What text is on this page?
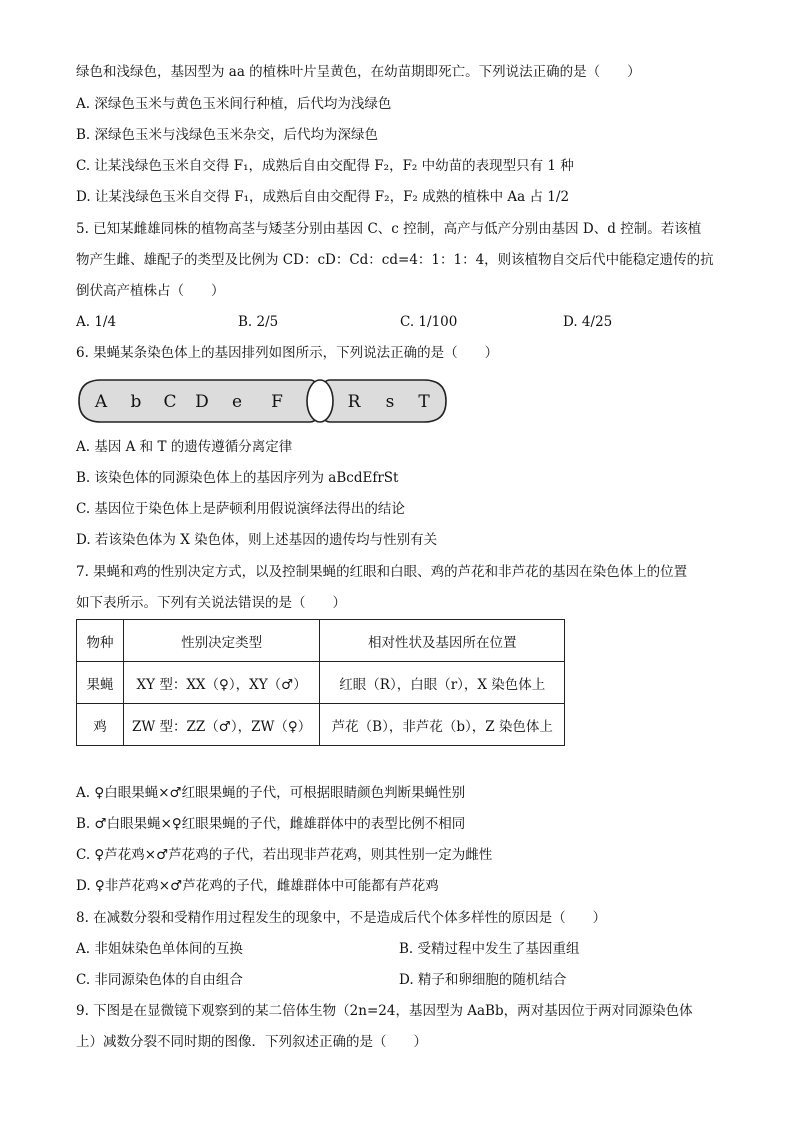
绿色和浅绿色，基因型为 aa 的植株叶片呈黄色，在幼苗期即死亡。下列说法正确的是（　　）
A. 深绿色玉米与黄色玉米间行种植，后代均为浅绿色
B. 深绿色玉米与浅绿色玉米杂交，后代均为深绿色
C. 让某浅绿色玉米自交得 F₁，成熟后自由交配得 F₂，F₂ 中幼苗的表现型只有 1 种
D. 让某浅绿色玉米自交得 F₁，成熟后自由交配得 F₂，F₂ 成熟的植株中 Aa 占 1/2
5. 已知某雌雄同株的植物高茎与矮茎分别由基因 C、c 控制，高产与低产分别由基因 D、d 控制。若该植
物产生雌、雄配子的类型及比例为 CD：cD：Cd：cd=4：1：1：4，则该植物自交后代中能稳定遗传的抗
倒伏高产植株占（　　）
A. 1/4	B. 2/5	C. 1/100	D. 4/25
6. 果蝇某条染色体上的基因排列如图所示，下列说法正确的是（　　）
A b C D e F	R s T
A. 基因 A 和 T 的遗传遵循分离定律
B. 该染色体的同源染色体上的基因序列为 aBcdEfrSt
C. 基因位于染色体上是萨顿利用假说演绎法得出的结论
D. 若该染色体为 X 染色体，则上述基因的遗传均与性别有关
7. 果蝇和鸡的性别决定方式，以及控制果蝇的红眼和白眼、鸡的芦花和非芦花的基因在染色体上的位置
如下表所示。下列有关说法错误的是（　　）
物种	性别决定类型	相对性状及基因所在位置
果蝇	XY 型：XX（♀），XY（♂）	红眼（R），白眼（r），X 染色体上
鸡	ZW 型：ZZ（♂），ZW（♀）	芦花（B），非芦花（b），Z 染色体上
A. ♀白眼果蝇×♂红眼果蝇的子代，可根据眼睛颜色判断果蝇性别
B. ♂白眼果蝇×♀红眼果蝇的子代，雌雄群体中的表型比例不相同
C. ♀芦花鸡×♂芦花鸡的子代，若出现非芦花鸡，则其性别一定为雌性
D. ♀非芦花鸡×♂芦花鸡的子代，雌雄群体中可能都有芦花鸡
8. 在减数分裂和受精作用过程发生的现象中，不是造成后代个体多样性的原因是（　　）
A. 非姐妹染色单体间的互换	B. 受精过程中发生了基因重组
C. 非同源染色体的自由组合	D. 精子和卵细胞的随机结合
9. 下图是在显微镜下观察到的某二倍体生物（2n=24，基因型为 AaBb，两对基因位于两对同源染色体
上）减数分裂不同时期的图像．下列叙述正确的是（　　）
